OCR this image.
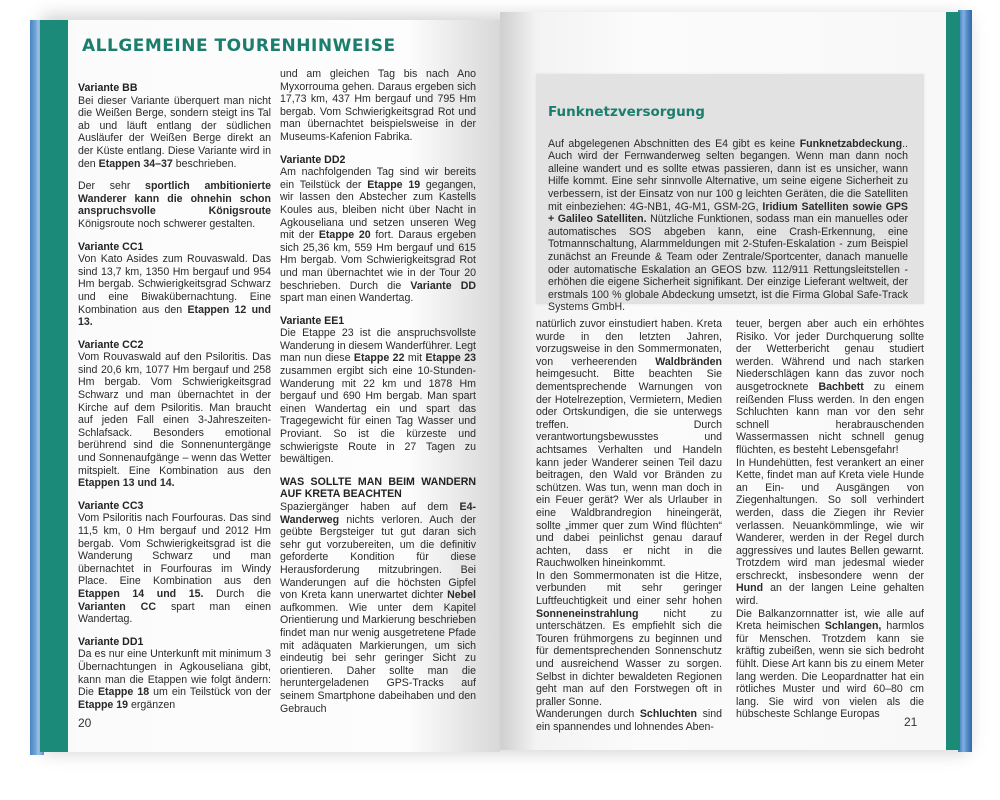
ALLGEMEINE TOURENHINWEISE
Variante BB

Bei dieser Variante überquert man nicht die Weißen Berge, sondern steigt ins Tal ab und läuft entlang der südlichen Ausläufer der Weißen Berge direkt an der Küste entlang. Diese Variante wird in den Etappen 34–37 beschrieben.

Der sehr sportlich ambitionierte Wanderer kann die ohnehin schon anspruchsvolle Königsroute Königsroute noch schwerer gestalten.

Variante CC1

Von Kato Asides zum Rouvaswald. Das sind 13,7 km, 1350 Hm bergauf und 954 Hm bergab. Schwierigkeitsgrad Schwarz und eine Biwakübernachtung. Eine Kombination aus den Etappen 12 und 13.

Variante CC2

Vom Rouvaswald auf den Psiloritis. Das sind 20,6 km, 1077 Hm bergauf und 258 Hm bergab. Vom Schwierigkeitsgrad Schwarz und man übernachtet in der Kirche auf dem Psiloritis. Man braucht auf jeden Fall einen 3-Jahreszeiten-Schlafsack. Besonders emotional berührend sind die Sonnenuntergänge und Sonnenaufgänge – wenn das Wetter mitspielt. Eine Kombination aus den Etappen 13 und 14.

Variante CC3

Vom Psiloritis nach Fourfouras. Das sind 11,5 km, 0 Hm bergauf und 2012 Hm bergab. Vom Schwierigkeitsgrad ist die Wanderung Schwarz und man übernachtet in Fourfouras im Windy Place. Eine Kombination aus den Etappen 14 und 15. Durch die Varianten CC spart man einen Wandertag.

Variante DD1

Da es nur eine Unterkunft mit minimum 3 Übernachtungen in Agkouseliana gibt, kann man die Etappen wie folgt ändern: Die Etappe 18 um ein Teilstück von der Etappe 19 ergänzen

und am gleichen Tag bis nach Ano Myxorrouma gehen. Daraus ergeben sich 17,73 km, 437 Hm bergauf und 795 Hm bergab. Vom Schwierigkeitsgrad Rot und man übernachtet beispielsweise in der Museums-Kafenion Fabrika.

Variante DD2

Am nachfolgenden Tag sind wir bereits ein Teilstück der Etappe 19 gegangen, wir lassen den Abstecher zum Kastells Koules aus, bleiben nicht über Nacht in Agkouseliana und setzen unseren Weg mit der Etappe 20 fort. Daraus ergeben sich 25,36 km, 559 Hm bergauf und 615 Hm bergab. Vom Schwierigkeitsgrad Rot und man übernachtet wie in der Tour 20 beschrieben. Durch die Variante DD spart man einen Wandertag.

Variante EE1

Die Etappe 23 ist die anspruchsvollste Wanderung in diesem Wanderführer. Legt man nun diese Etappe 22 mit Etappe 23 zusammen ergibt sich eine 10-Stunden-Wanderung mit 22 km und 1878 Hm bergauf und 690 Hm bergab. Man spart einen Wandertag ein und spart das Tragegewicht für einen Tag Wasser und Proviant. So ist die kürzeste und schwierigste Route in 27 Tagen zu bewältigen.

WAS SOLLTE MAN BEIM WANDERN AUF KRETA BEACHTEN

Spaziergänger haben auf dem E4-Wanderweg nichts verloren. Auch der geübte Bergsteiger tut gut daran sich sehr gut vorzubereiten, um die definitiv geforderte Kondition für diese Herausforderung mitzubringen. Bei Wanderungen auf die höchsten Gipfel von Kreta kann unerwartet dichter Nebel aufkommen. Wie unter dem Kapitel Orientierung und Markierung beschrieben findet man nur wenig ausgetretene Pfade mit adäquaten Markierungen, um sich eindeutig bei sehr geringer Sicht zu orientieren. Daher sollte man die heruntergeladenen GPS-Tracks auf seinem Smartphone dabeihaben und den Gebrauch

20
Funknetzversorgung

Auf abgelegenen Abschnitten des E4 gibt es keine Funknetzabdeckung.. Auch wird der Fernwanderweg selten begangen. Wenn man dann noch alleine wandert und es sollte etwas passieren, dann ist es unsicher, wann Hilfe kommt. Eine sehr sinnvolle Alternative, um seine eigene Sicherheit zu verbessern, ist der Einsatz von nur 100 g leichten Geräten, die die Satelliten mit einbeziehen: 4G-NB1, 4G-M1, GSM-2G, Iridium Satelliten sowie GPS + Galileo Satelliten. Nützliche Funktionen, sodass man ein manuelles oder automatisches SOS abgeben kann, eine Crash-Erkennung, eine Totmannschaltung, Alarmmeldungen mit 2-Stufen-Eskalation - zum Beispiel zunächst an Freunde & Team oder Zentrale/Sportcenter, danach manuelle oder automatische Eskalation an GEOS bzw. 112/911 Rettungsleitstellen - erhöhen die eigene Sicherheit signifikant. Der einzige Lieferant weltweit, der erstmals 100 % globale Abdeckung umsetzt, ist die Firma Global Safe-Track Systems GmbH.

natürlich zuvor einstudiert haben. Kreta wurde in den letzten Jahren, vorzugsweise in den Sommermonaten, von verheerenden Waldbränden heimgesucht. Bitte beachten Sie dementsprechende Warnungen von der Hotelrezeption, Vermietern, Medien oder Ortskundigen, die sie unterwegs treffen. Durch verantwortungsbewusstes und achtsames Verhalten und Handeln kann jeder Wanderer seinen Teil dazu beitragen, den Wald vor Bränden zu schützen. Was tun, wenn man doch in ein Feuer gerät? Wer als Urlauber in eine Waldbrandregion hineingerät, sollte „immer quer zum Wind flüchten“ und dabei peinlichst genau darauf achten, dass er nicht in die Rauchwolken hineinkommt.

In den Sommermonaten ist die Hitze, verbunden mit sehr geringer Luftfeuchtigkeit und einer sehr hohen Sonneneinstrahlung nicht zu unterschätzen. Es empfiehlt sich die Touren frühmorgens zu beginnen und für dementsprechenden Sonnenschutz und ausreichend Wasser zu sorgen. Selbst in dichter bewaldeten Regionen geht man auf den Forstwegen oft in praller Sonne.

Wanderungen durch Schluchten sind ein spannendes und lohnendes Aben-

teuer, bergen aber auch ein erhöhtes Risiko. Vor jeder Durchquerung sollte der Wetterbericht genau studiert werden. Während und nach starken Niederschlägen kann das zuvor noch ausgetrocknete Bachbett zu einem reißenden Fluss werden. In den engen Schluchten kann man vor den sehr schnell herabrauschenden Wassermassen nicht schnell genug flüchten, es besteht Lebensgefahr!

In Hundehütten, fest verankert an einer Kette, findet man auf Kreta viele Hunde an Ein- und Ausgängen von Ziegenhaltungen. So soll verhindert werden, dass die Ziegen ihr Revier verlassen. Neuankömmlinge, wie wir Wanderer, werden in der Regel durch aggressives und lautes Bellen gewarnt. Trotzdem wird man jedesmal wieder erschreckt, insbesondere wenn der Hund an der langen Leine gehalten wird.

Die Balkanzornnatter ist, wie alle auf Kreta heimischen Schlangen, harmlos für Menschen. Trotzdem kann sie kräftig zubeißen, wenn sie sich bedroht fühlt. Diese Art kann bis zu einem Meter lang werden. Die Leopardnatter hat ein rötliches Muster und wird 60–80 cm lang. Sie wird von vielen als die hübscheste Schlange Europas

21
